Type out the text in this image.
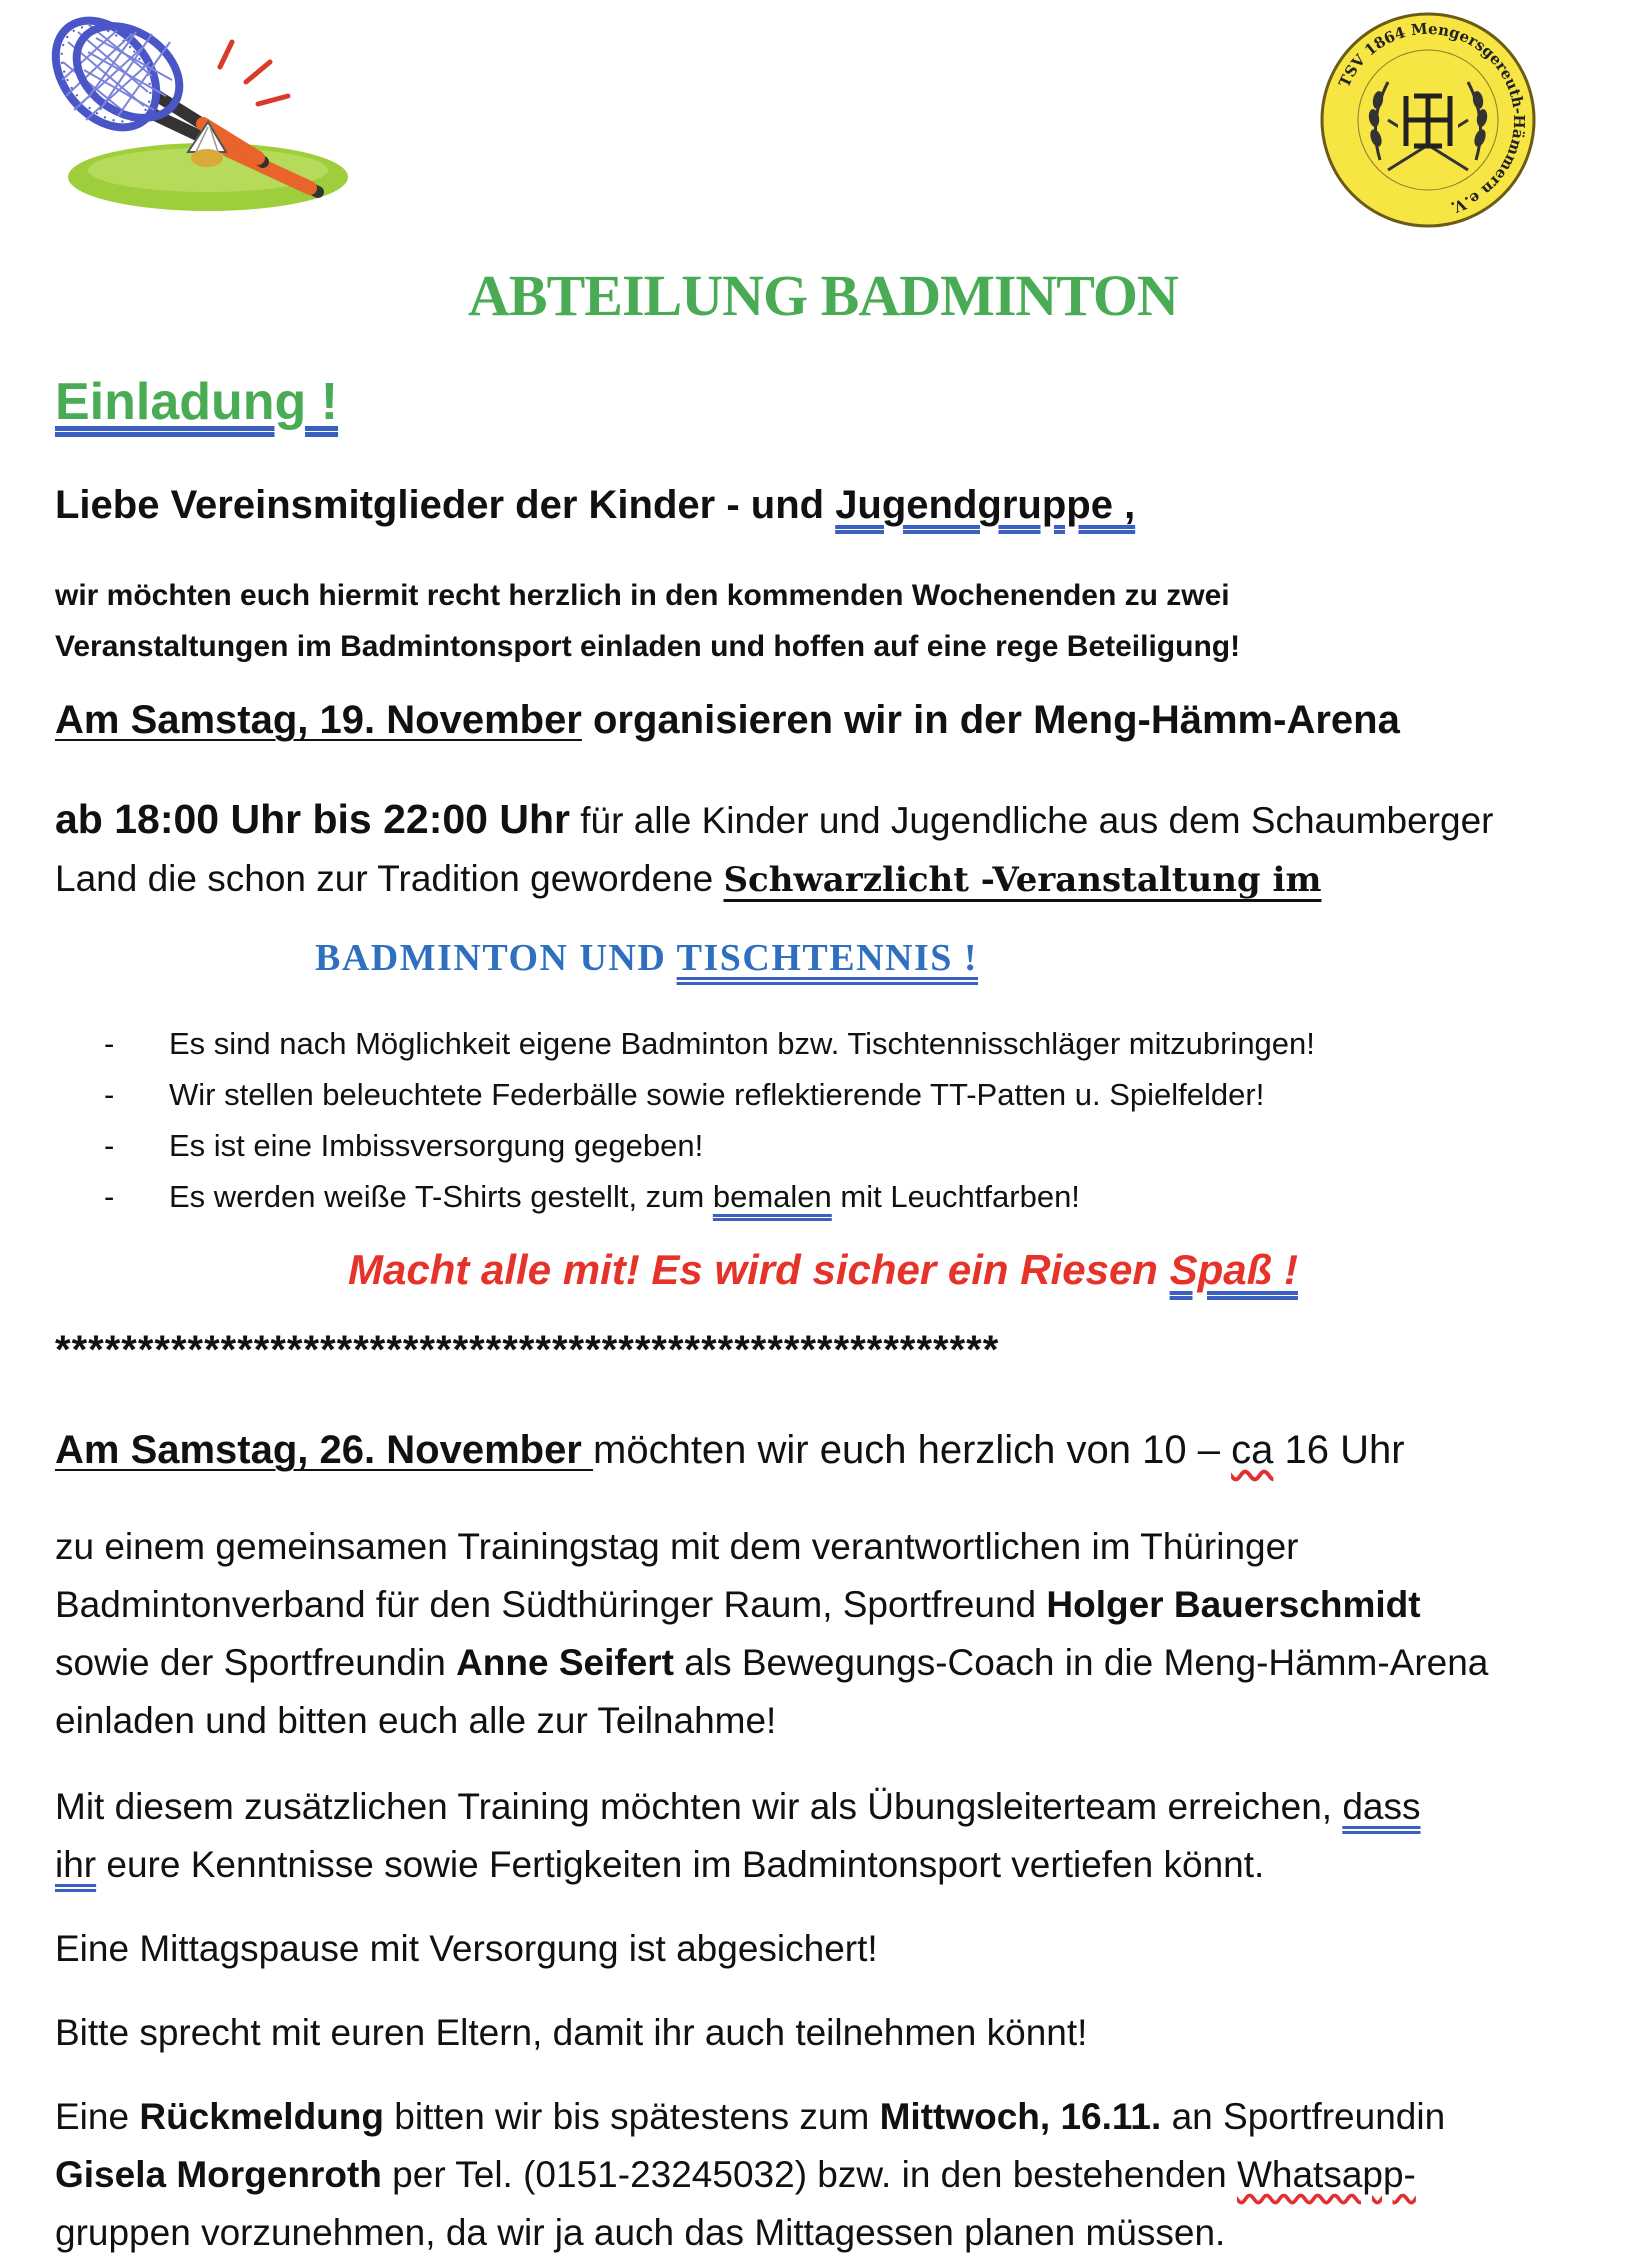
TSV 1864 Mengersgereuth-Hämmern e.V.
ABTEILUNG BADMINTON
Einladung !
Liebe Vereinsmitglieder der Kinder - und Jugendgruppe ,
wir möchten euch hiermit recht herzlich in den kommenden Wochenenden zu zwei
Veranstaltungen im Badmintonsport einladen und hoffen auf eine rege Beteiligung!
Am Samstag, 19. November organisieren wir in der Meng-Hämm-Arena
ab 18:00 Uhr bis 22:00 Uhr für alle Kinder und Jugendliche aus dem Schaumberger
Land die schon zur Tradition gewordene Schwarzlicht -Veranstaltung im
BADMINTON UND TISCHTENNIS !
- Es sind nach Möglichkeit eigene Badminton bzw. Tischtennisschläger mitzubringen!
- Wir stellen beleuchtete Federbälle sowie reflektierende TT-Patten u. Spielfelder!
- Es ist eine Imbissversorgung gegeben!
- Es werden weiße T-Shirts gestellt, zum bemalen mit Leuchtfarben!
Macht alle mit! Es wird sicher ein Riesen Spaß !
*********************************************************
Am Samstag, 26. November möchten wir euch herzlich von 10 – ca 16 Uhr
zu einem gemeinsamen Trainingstag mit dem verantwortlichen im Thüringer
Badmintonverband für den Südthüringer Raum, Sportfreund Holger Bauerschmidt
sowie der Sportfreundin Anne Seifert als Bewegungs-Coach in die Meng-Hämm-Arena
einladen und bitten euch alle zur Teilnahme!
Mit diesem zusätzlichen Training möchten wir als Übungsleiterteam erreichen, dass
ihr eure Kenntnisse sowie Fertigkeiten im Badmintonsport vertiefen könnt.
Eine Mittagspause mit Versorgung ist abgesichert!
Bitte sprecht mit euren Eltern, damit ihr auch teilnehmen könnt!
Eine Rückmeldung bitten wir bis spätestens zum Mittwoch, 16.11. an Sportfreundin
Gisela Morgenroth per Tel. (0151-23245032) bzw. in den bestehenden Whatsapp-
gruppen vorzunehmen, da wir ja auch das Mittagessen planen müssen.
